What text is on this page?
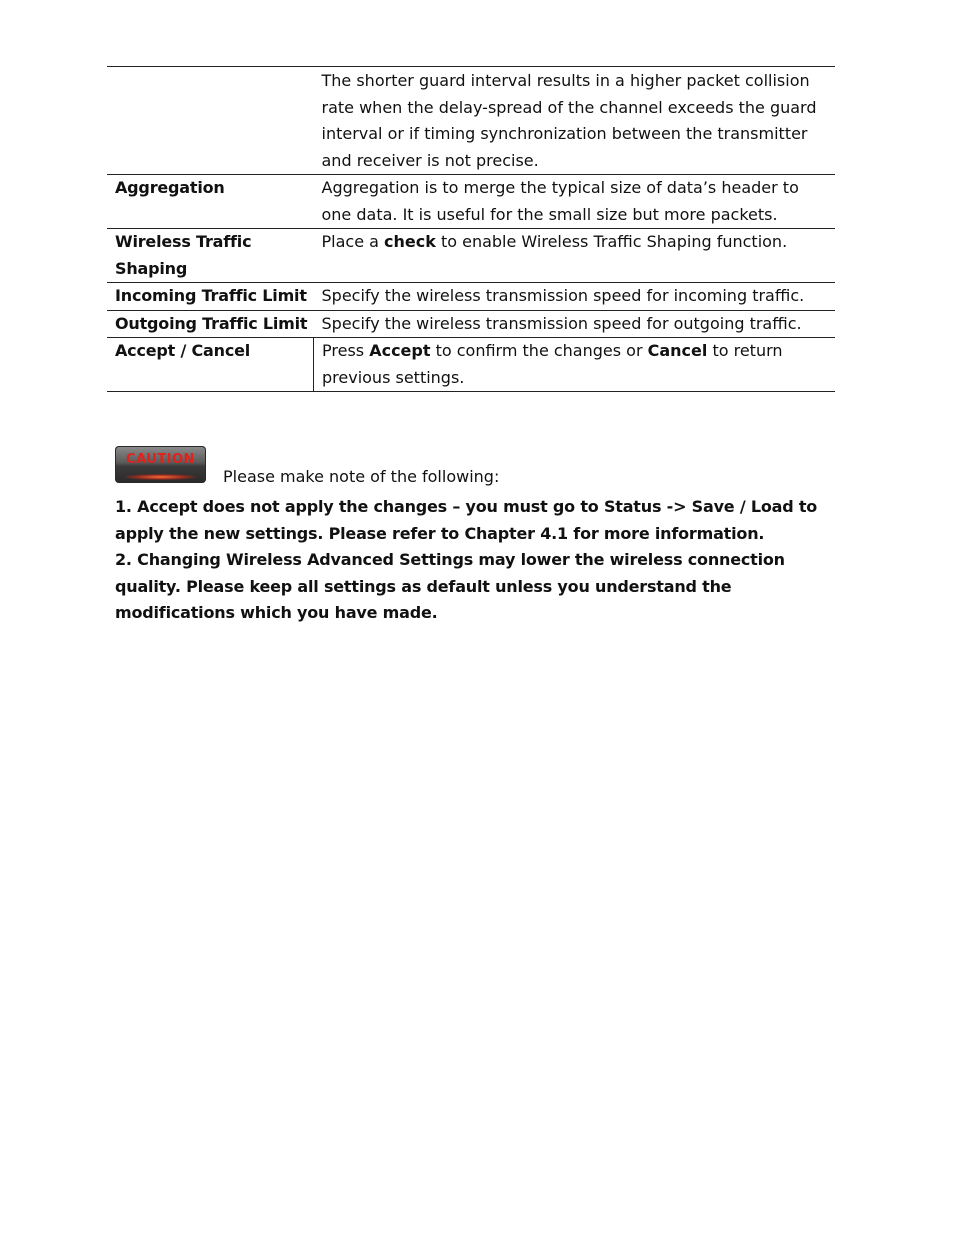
	The shorter guard interval results in a higher packet collision rate when the delay-spread of the channel exceeds the guard interval or if timing synchronization between the transmitter and receiver is not precise.
Aggregation	Aggregation is to merge the typical size of data’s header to one data. It is useful for the small size but more packets.
Wireless Traffic Shaping	Place a check to enable Wireless Traffic Shaping function.
Incoming Traffic Limit	Specify the wireless transmission speed for incoming traffic.
Outgoing Traffic Limit	Specify the wireless transmission speed for outgoing traffic.
Accept / Cancel	Press Accept to confirm the changes or Cancel to return previous settings.
CAUTION
Please make note of the following:

1. Accept does not apply the changes – you must go to Status -> Save / Load to apply the new settings. Please refer to Chapter 4.1 for more information.

2. Changing Wireless Advanced Settings may lower the wireless connection quality. Please keep all settings as default unless you understand the modifications which you have made.
